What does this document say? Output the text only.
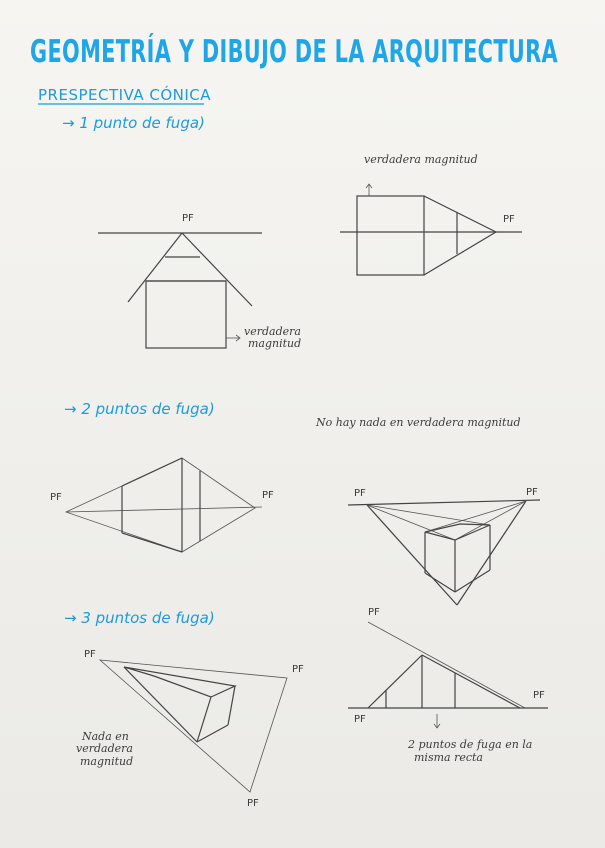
GEOMETRÍA Y DIBUJO DE LA ARQUITECTURA
PRESPECTIVA CÓNICA
→ 1 punto de fuga)
PF
verdadera
magnitud
verdadera magnitud
PF
→ 2 puntos de fuga)
No hay nada en verdadera magnitud
PF	PF	PF	PF
→ 3 puntos de fuga)
PF
PF
PF
Nada en
verdadera
magnitud
PF
PF
PF
2 puntos de fuga en la
misma recta
